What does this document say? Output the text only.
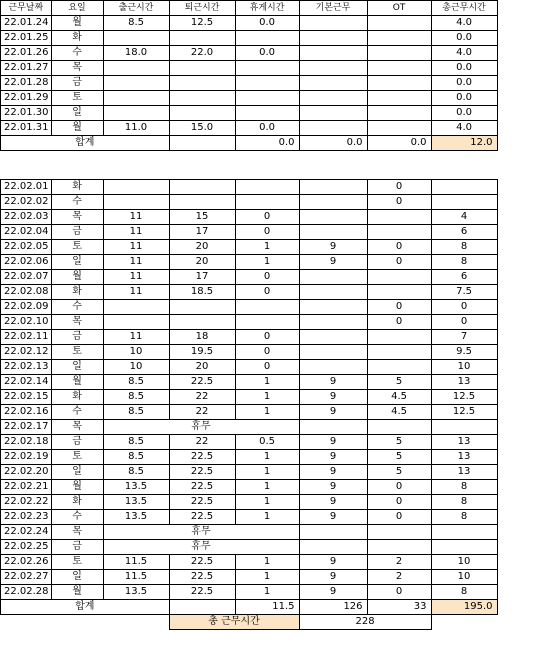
근무날짜	요일	출근시간	퇴근시간	휴게시간	기본근무	OT	총근무시간
22.01.24	월	8.5	12.5	0.0			4.0
22.01.25	화						0.0
22.01.26	수	18.0	22.0	0.0			4.0
22.01.27	목						0.0
22.01.28	금						0.0
22.01.29	토						0.0
22.01.30	일						0.0
22.01.31	월	11.0	15.0	0.0			4.0
합계				0.0	0.0	0.0	12.0

22.02.01	화					0	
22.02.02	수					0	
22.02.03	목	11	15	0			4
22.02.04	금	11	17	0			6
22.02.05	토	11	20	1	9	0	8
22.02.06	일	11	20	1	9	0	8
22.02.07	월	11	17	0			6
22.02.08	화	11	18.5	0			7.5
22.02.09	수					0	0
22.02.10	목					0	0
22.02.11	금	11	18	0			7
22.02.12	토	10	19.5	0			9.5
22.02.13	일	10	20	0			10
22.02.14	월	8.5	22.5	1	9	5	13
22.02.15	화	8.5	22	1	9	4.5	12.5
22.02.16	수	8.5	22	1	9	4.5	12.5
22.02.17	목	휴무					
22.02.18	금	8.5	22	0.5	9	5	13
22.02.19	토	8.5	22.5	1	9	5	13
22.02.20	일	8.5	22.5	1	9	5	13
22.02.21	월	13.5	22.5	1	9	0	8
22.02.22	화	13.5	22.5	1	9	0	8
22.02.23	수	13.5	22.5	1	9	0	8
22.02.24	목	휴무					
22.02.25	금	휴무					
22.02.26	토	11.5	22.5	1	9	2	10
22.02.27	일	11.5	22.5	1	9	2	10
22.02.28	월	13.5	22.5	1	9	0	8
합계				11.5	126	33	195.0
			총 근무시간		228		
